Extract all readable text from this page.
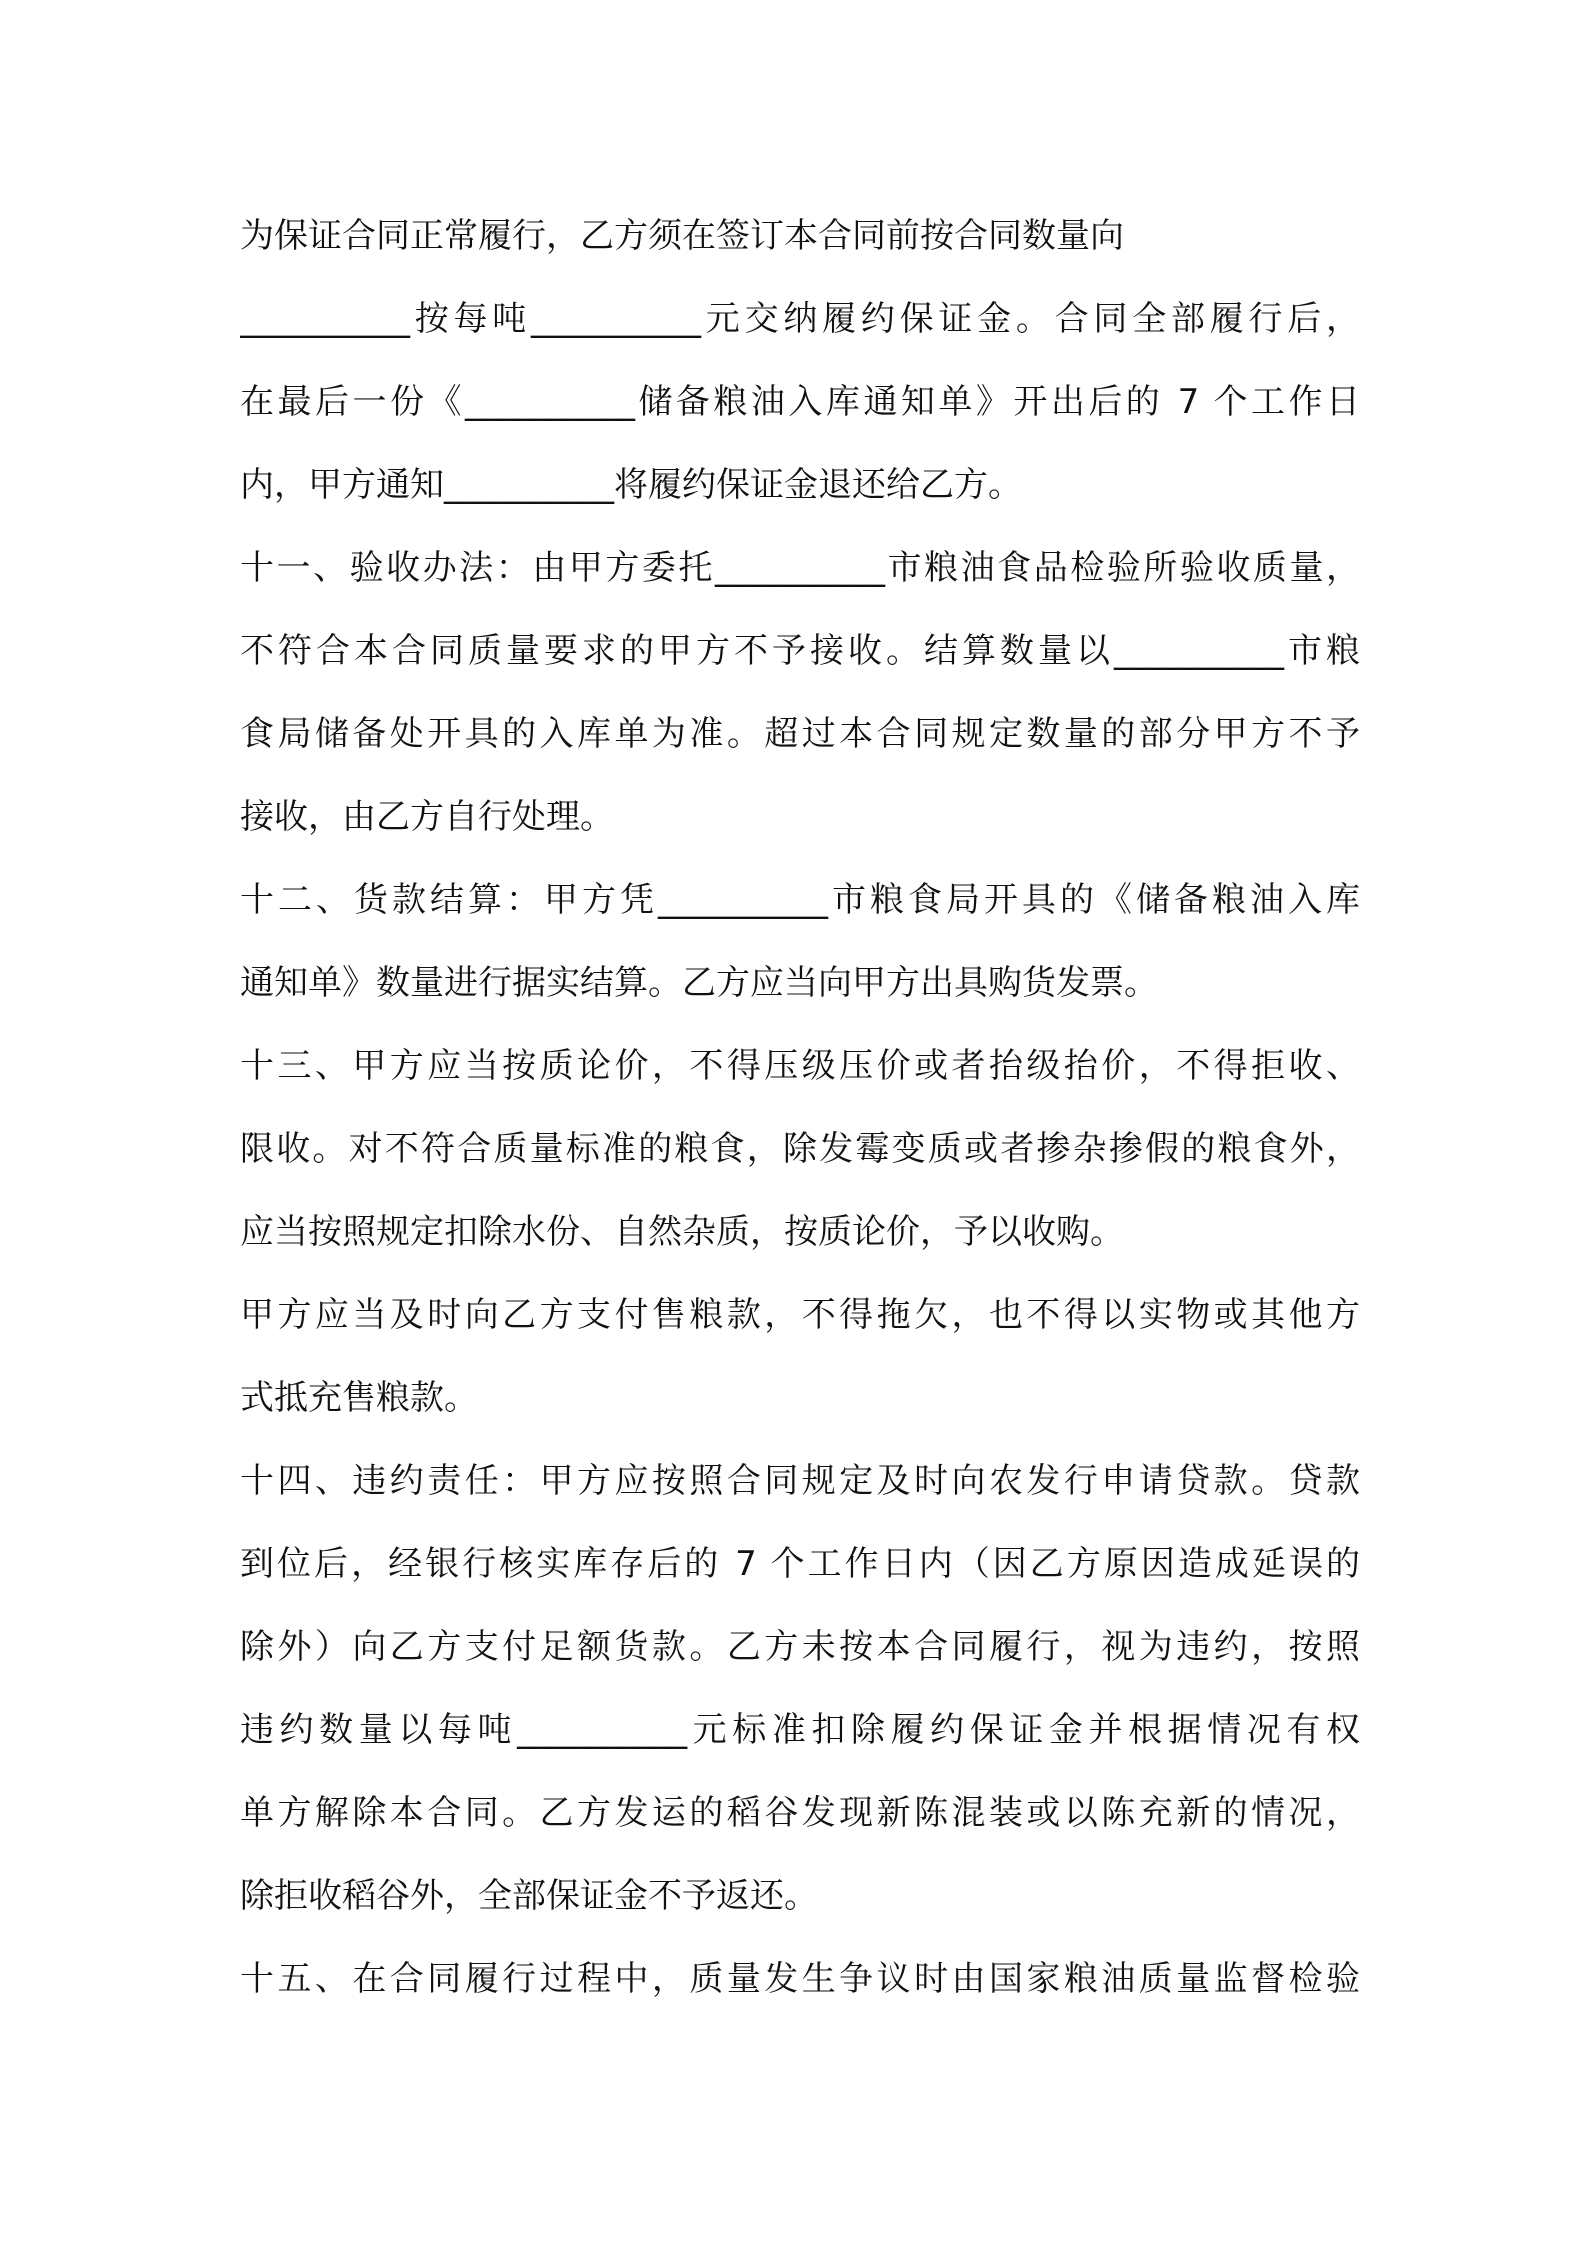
为保证合同正常履行，乙方须在签订本合同前按合同数量向
__________按每吨__________元交纳履约保证金。合同全部履行后，
在最后一份《__________储备粮油入库通知单》开出后的 7 个工作日
内，甲方通知__________将履约保证金退还给乙方。
十一、验收办法：由甲方委托__________市粮油食品检验所验收质量，
不符合本合同质量要求的甲方不予接收。结算数量以__________市粮
食局储备处开具的入库单为准。超过本合同规定数量的部分甲方不予
接收，由乙方自行处理。
十二、货款结算：甲方凭__________市粮食局开具的《储备粮油入库
通知单》数量进行据实结算。乙方应当向甲方出具购货发票。
十三、甲方应当按质论价，不得压级压价或者抬级抬价，不得拒收、
限收。对不符合质量标准的粮食，除发霉变质或者掺杂掺假的粮食外，
应当按照规定扣除水份、自然杂质，按质论价，予以收购。
甲方应当及时向乙方支付售粮款，不得拖欠，也不得以实物或其他方
式抵充售粮款。
十四、违约责任：甲方应按照合同规定及时向农发行申请贷款。贷款
到位后，经银行核实库存后的 7 个工作日内（因乙方原因造成延误的
除外）向乙方支付足额货款。乙方未按本合同履行，视为违约，按照
违约数量以每吨__________元标准扣除履约保证金并根据情况有权
单方解除本合同。乙方发运的稻谷发现新陈混装或以陈充新的情况，
除拒收稻谷外，全部保证金不予返还。
十五、在合同履行过程中，质量发生争议时由国家粮油质量监督检验
